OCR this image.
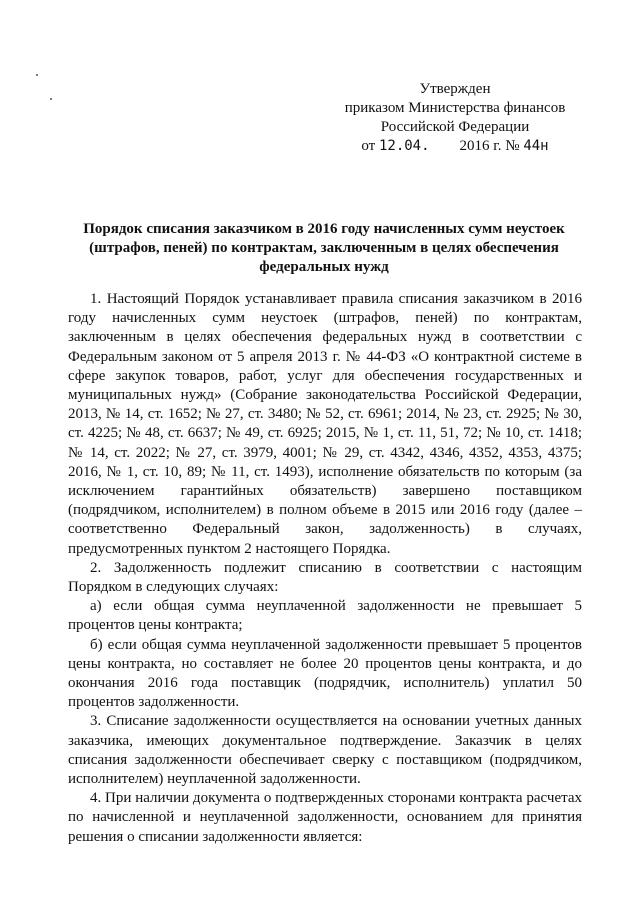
Утвержден
приказом Министерства финансов
Российской Федерации
от 12.04. 2016 г. № 44н
Порядок списания заказчиком в 2016 году начисленных сумм неустоек
(штрафов, пеней) по контрактам, заключенным в целях обеспечения
федеральных нужд

1. Настоящий Порядок устанавливает правила списания заказчиком в 2016 году начисленных сумм неустоек (штрафов, пеней) по контрактам, заключенным в целях обеспечения федеральных нужд в соответствии с Федеральным законом от 5 апреля 2013 г. № 44-ФЗ «О контрактной системе в сфере закупок товаров, работ, услуг для обеспечения государственных и муниципальных нужд» (Собрание законодательства Российской Федерации, 2013, № 14, ст. 1652; № 27, ст. 3480; № 52, ст. 6961; 2014, № 23, ст. 2925; № 30, ст. 4225; № 48, ст. 6637; № 49, ст. 6925; 2015, № 1, ст. 11, 51, 72; № 10, ст. 1418; № 14, ст. 2022; № 27, ст. 3979, 4001; № 29, ст. 4342, 4346, 4352, 4353, 4375; 2016, № 1, ст. 10, 89; № 11, ст. 1493), исполнение обязательств по которым (за исключением гарантийных обязательств) завершено поставщиком (подрядчиком, исполнителем) в полном объеме в 2015 или 2016 году (далее – соответственно Федеральный закон, задолженность) в случаях, предусмотренных пунктом 2 настоящего Порядка.

2. Задолженность подлежит списанию в соответствии с настоящим Порядком в следующих случаях:

а) если общая сумма неуплаченной задолженности не превышает 5 процентов цены контракта;

б) если общая сумма неуплаченной задолженности превышает 5 процентов цены контракта, но составляет не более 20 процентов цены контракта, и до окончания 2016 года поставщик (подрядчик, исполнитель) уплатил 50 процентов задолженности.

3. Списание задолженности осуществляется на основании учетных данных заказчика, имеющих документальное подтверждение. Заказчик в целях списания задолженности обеспечивает сверку с поставщиком (подрядчиком, исполнителем) неуплаченной задолженности.

4. При наличии документа о подтвержденных сторонами контракта расчетах по начисленной и неуплаченной задолженности, основанием для принятия решения о списании задолженности является:
